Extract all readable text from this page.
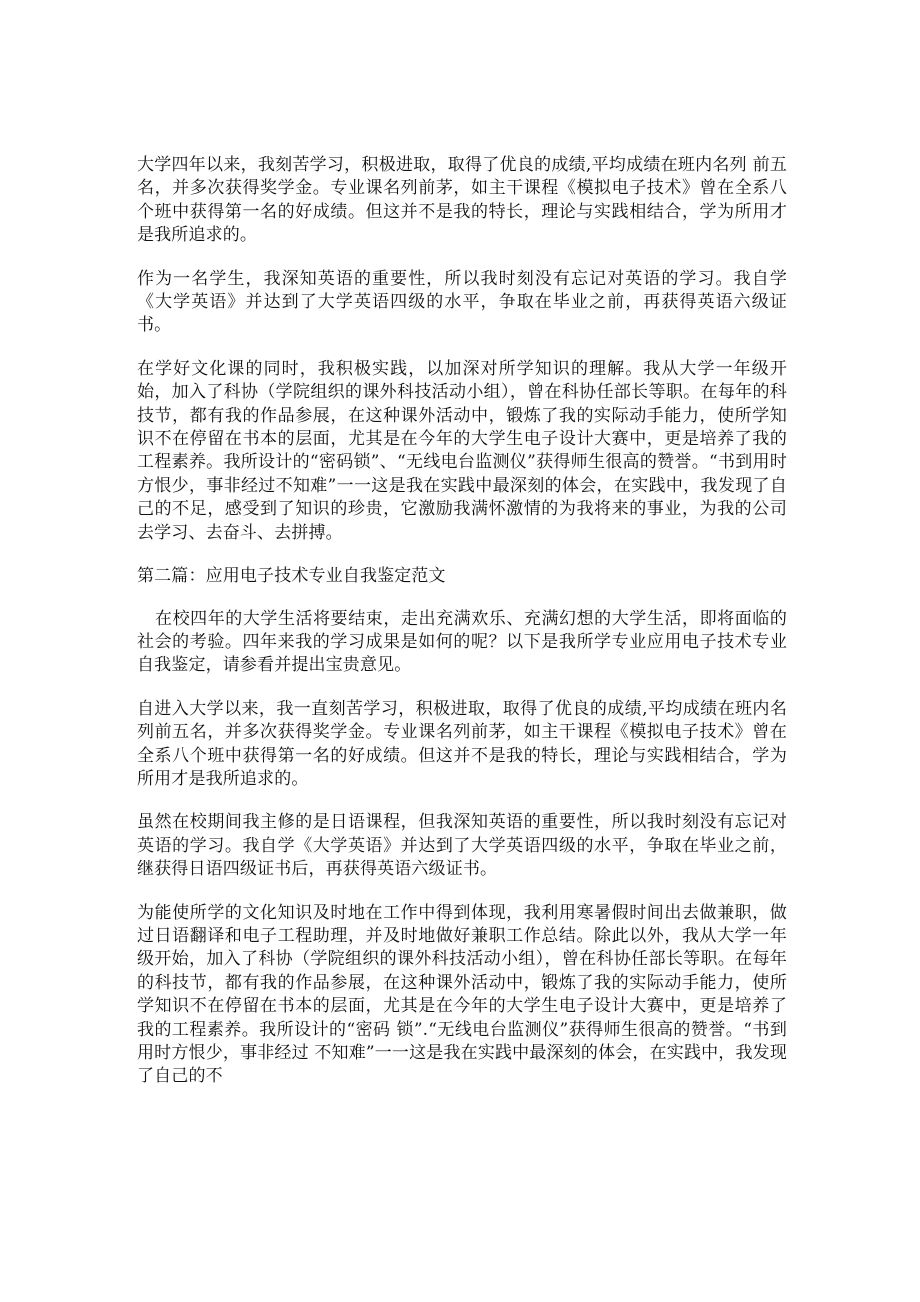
大学四年以来，我刻苦学习，积极进取，取得了优良的成绩,平均成绩在班内名列 前五名，并多次获得奖学金。专业课名列前茅，如主干课程《模拟电子技术》曾在全系八个班中获得第一名的好成绩。但这并不是我的特长，理论与实践相结合，学为所用才是我所追求的。

作为一名学生，我深知英语的重要性，所以我时刻没有忘记对英语的学习。我自学《大学英语》并达到了大学英语四级的水平，争取在毕业之前，再获得英语六级证书。

在学好文化课的同时，我积极实践，以加深对所学知识的理解。我从大学一年级开始，加入了科协（学院组织的课外科技活动小组），曾在科协任部长等职。在每年的科技节，都有我的作品参展，在这种课外活动中，锻炼了我的实际动手能力，使所学知识不在停留在书本的层面，尤其是在今年的大学生电子设计大赛中，更是培养了我的工程素养。我所设计的“密码锁”、“无线电台监测仪”获得师生很高的赞誉。“书到用时方恨少，事非经过不知难”一一这是我在实践中最深刻的体会，在实践中，我发现了自己的不足，感受到了知识的珍贵，它激励我满怀激情的为我将来的事业，为我的公司去学习、去奋斗、去拼搏。

第二篇：应用电子技术专业自我鉴定范文

在校四年的大学生活将要结束，走出充满欢乐、充满幻想的大学生活，即将面临的社会的考验。四年来我的学习成果是如何的呢？以下是我所学专业应用电子技术专业自我鉴定，请参看并提出宝贵意见。

自进入大学以来，我一直刻苦学习，积极进取，取得了优良的成绩,平均成绩在班内名列前五名，并多次获得奖学金。专业课名列前茅，如主干课程《模拟电子技术》曾在全系八个班中获得第一名的好成绩。但这并不是我的特长，理论与实践相结合，学为所用才是我所追求的。

虽然在校期间我主修的是日语课程，但我深知英语的重要性，所以我时刻没有忘记对英语的学习。我自学《大学英语》并达到了大学英语四级的水平，争取在毕业之前，继获得日语四级证书后，再获得英语六级证书。

为能使所学的文化知识及时地在工作中得到体现，我利用寒暑假时间出去做兼职，做过日语翻译和电子工程助理，并及时地做好兼职工作总结。除此以外，我从大学一年级开始，加入了科协（学院组织的课外科技活动小组），曾在科协任部长等职。在每年的科技节，都有我的作品参展，在这种课外活动中，锻炼了我的实际动手能力，使所学知识不在停留在书本的层面，尤其是在今年的大学生电子设计大赛中，更是培养了我的工程素养。我所设计的“密码 锁”.“无线电台监测仪”获得师生很高的赞誉。“书到用时方恨少，事非经过 不知难”一一这是我在实践中最深刻的体会，在实践中，我发现了自己的不
